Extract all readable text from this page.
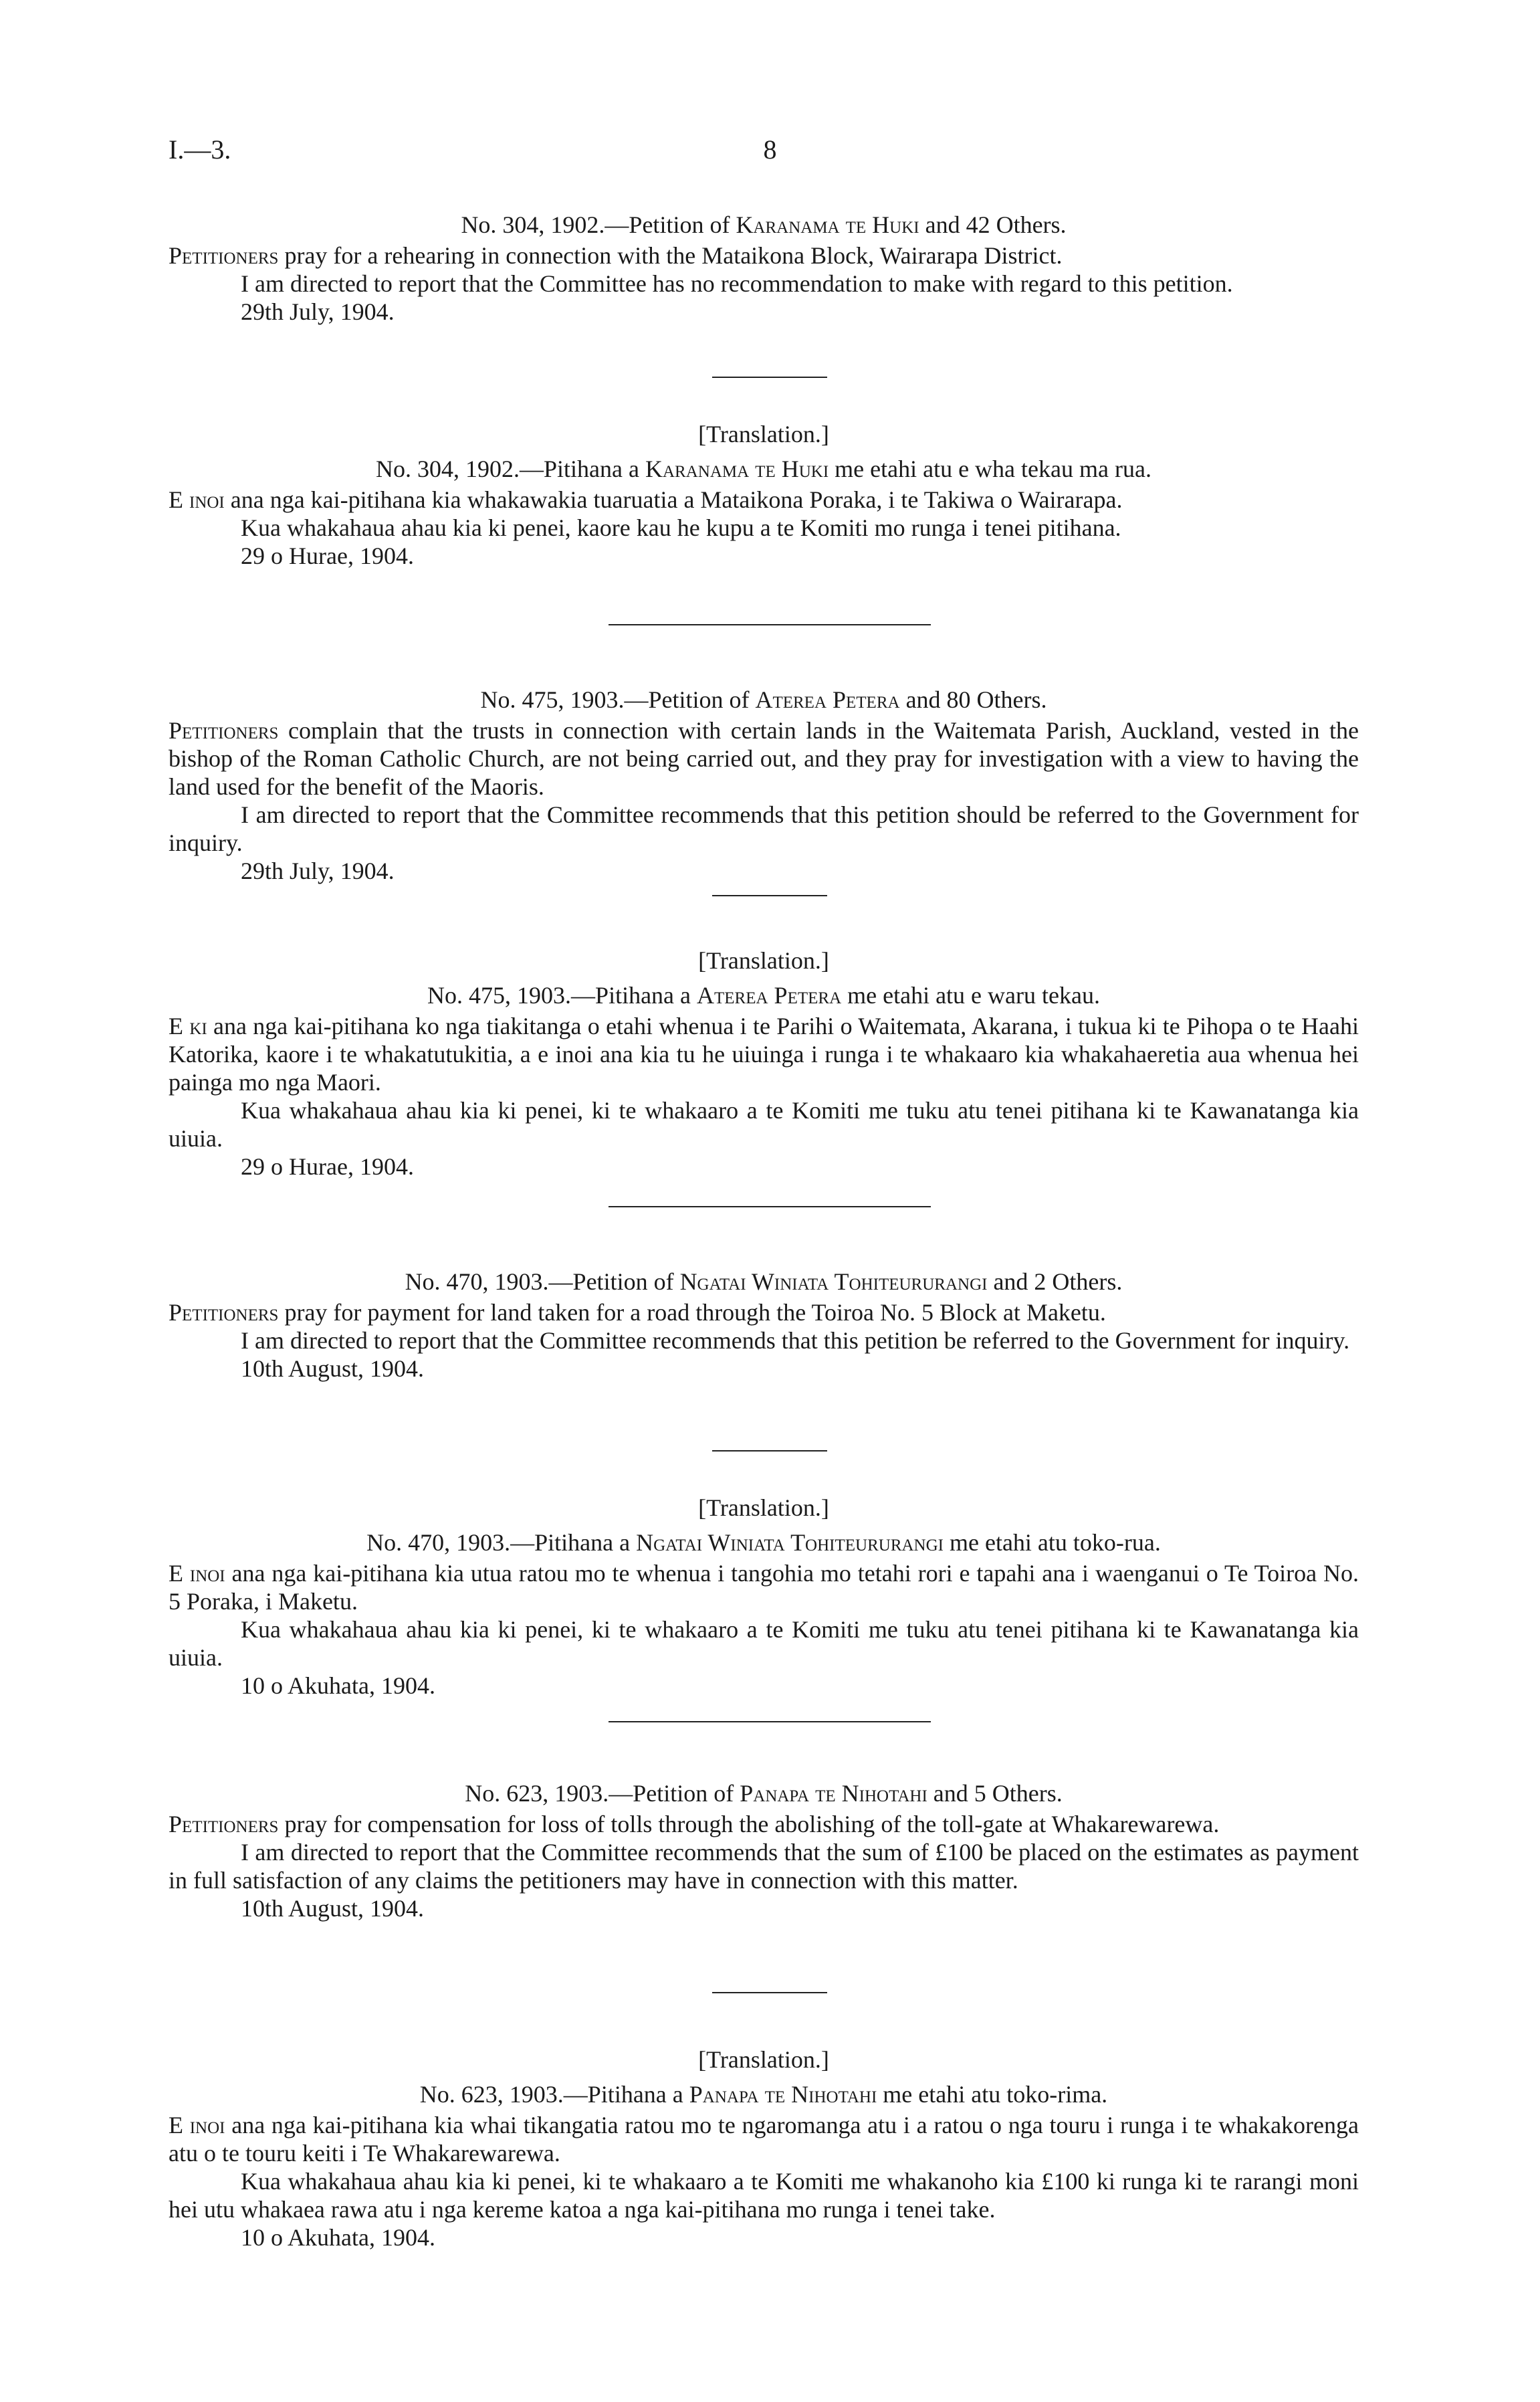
8
I.—3.

No. 304, 1902.—Petition of Karanama te Huki and 42 Others.

Petitioners pray for a rehearing in connection with the Mataikona Block, Wairarapa District.

I am directed to report that the Committee has no recommendation to make with regard to this petition.

29th July, 1904.

[Translation.]

No. 304, 1902.—Pitihana a Karanama te Huki me etahi atu e wha tekau ma rua.

E inoi ana nga kai-pitihana kia whakawakia tuaruatia a Mataikona Poraka, i te Takiwa o Wairarapa.

Kua whakahaua ahau kia ki penei, kaore kau he kupu a te Komiti mo runga i tenei pitihana.

29 o Hurae, 1904.

No. 475, 1903.—Petition of Aterea Petera and 80 Others.

Petitioners complain that the trusts in connection with certain lands in the Waitemata Parish, Auckland, vested in the bishop of the Roman Catholic Church, are not being carried out, and they pray for investigation with a view to having the land used for the benefit of the Maoris.

I am directed to report that the Committee recommends that this petition should be referred to the Government for inquiry.

29th July, 1904.

[Translation.]

No. 475, 1903.—Pitihana a Aterea Petera me etahi atu e waru tekau.

E ki ana nga kai-pitihana ko nga tiakitanga o etahi whenua i te Parihi o Waitemata, Akarana, i tukua ki te Pihopa o te Haahi Katorika, kaore i te whakatutukitia, a e inoi ana kia tu he uiuinga i runga i te whakaaro kia whakahaeretia aua whenua hei painga mo nga Maori.

Kua whakahaua ahau kia ki penei, ki te whakaaro a te Komiti me tuku atu tenei pitihana ki te Kawanatanga kia uiuia.

29 o Hurae, 1904.

No. 470, 1903.—Petition of Ngatai Winiata Tohiteururangi and 2 Others.

Petitioners pray for payment for land taken for a road through the Toiroa No. 5 Block at Maketu.

I am directed to report that the Committee recommends that this petition be referred to the Government for inquiry.

10th August, 1904.

[Translation.]

No. 470, 1903.—Pitihana a Ngatai Winiata Tohiteururangi me etahi atu toko-rua.

E inoi ana nga kai-pitihana kia utua ratou mo te whenua i tangohia mo tetahi rori e tapahi ana i waenganui o Te Toiroa No. 5 Poraka, i Maketu.

Kua whakahaua ahau kia ki penei, ki te whakaaro a te Komiti me tuku atu tenei pitihana ki te Kawanatanga kia uiuia.

10 o Akuhata, 1904.

No. 623, 1903.—Petition of Panapa te Nihotahi and 5 Others.

Petitioners pray for compensation for loss of tolls through the abolishing of the toll-gate at Whakarewarewa.

I am directed to report that the Committee recommends that the sum of £100 be placed on the estimates as payment in full satisfaction of any claims the petitioners may have in connection with this matter.

10th August, 1904.

[Translation.]

No. 623, 1903.—Pitihana a Panapa te Nihotahi me etahi atu toko-rima.

E inoi ana nga kai-pitihana kia whai tikangatia ratou mo te ngaromanga atu i a ratou o nga touru i runga i te whakakorenga atu o te touru keiti i Te Whakarewarewa.

Kua whakahaua ahau kia ki penei, ki te whakaaro a te Komiti me whakanoho kia £100 ki runga ki te rarangi moni hei utu whakaea rawa atu i nga kereme katoa a nga kai-pitihana mo runga i tenei take.

10 o Akuhata, 1904.
